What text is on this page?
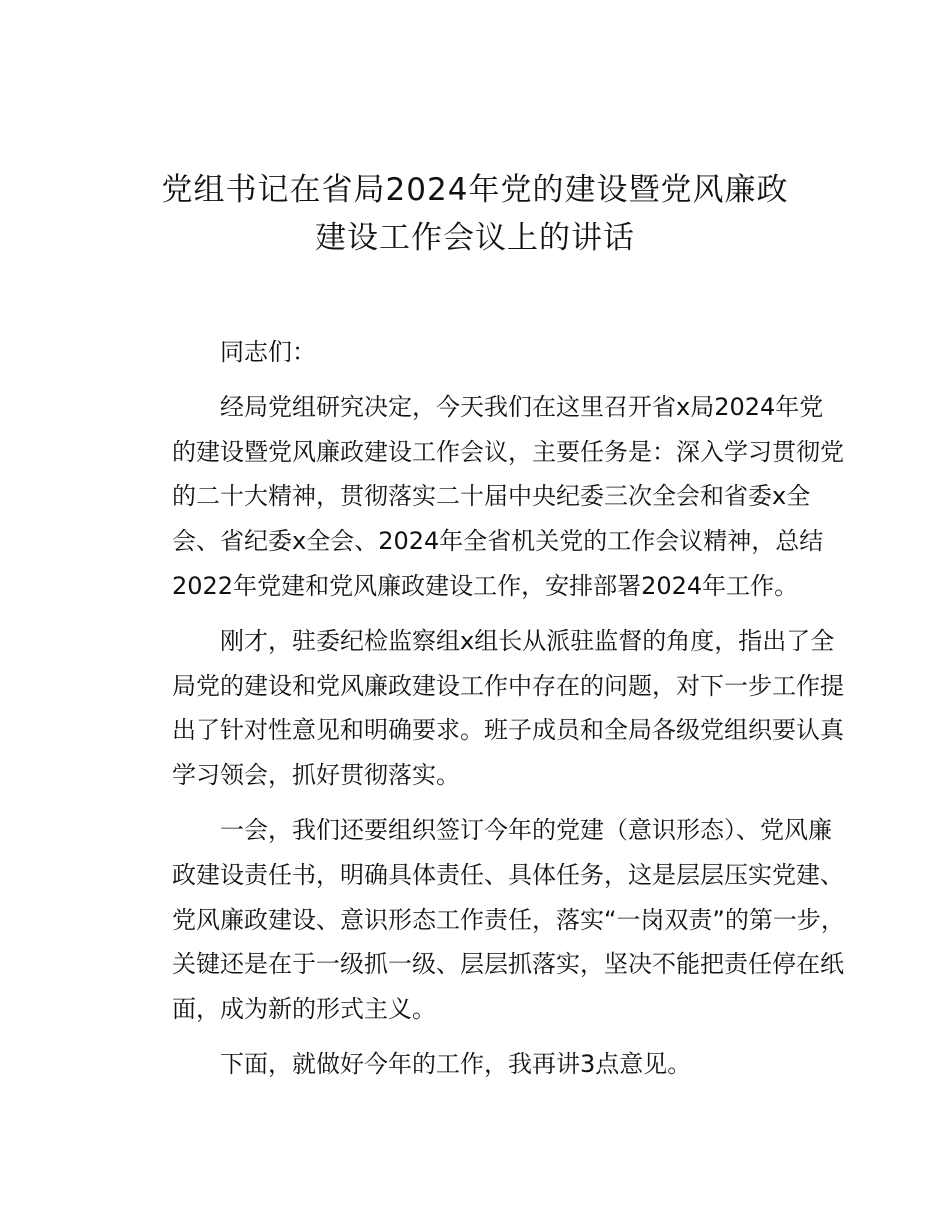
党组书记在省局2024年党的建设暨党风廉政
建设工作会议上的讲话
同志们：
经局党组研究决定，今天我们在这里召开省x局2024年党
的建设暨党风廉政建设工作会议，主要任务是：深入学习贯彻党
的二十大精神，贯彻落实二十届中央纪委三次全会和省委x全
会、省纪委x全会、2024年全省机关党的工作会议精神，总结
2022年党建和党风廉政建设工作，安排部署2024年工作。
刚才，驻委纪检监察组x组长从派驻监督的角度，指出了全
局党的建设和党风廉政建设工作中存在的问题，对下一步工作提
出了针对性意见和明确要求。班子成员和全局各级党组织要认真
学习领会，抓好贯彻落实。
一会，我们还要组织签订今年的党建（意识形态）、党风廉
政建设责任书，明确具体责任、具体任务，这是层层压实党建、
党风廉政建设、意识形态工作责任，落实“一岗双责”的第一步，
关键还是在于一级抓一级、层层抓落实，坚决不能把责任停在纸
面，成为新的形式主义。
下面，就做好今年的工作，我再讲3点意见。
